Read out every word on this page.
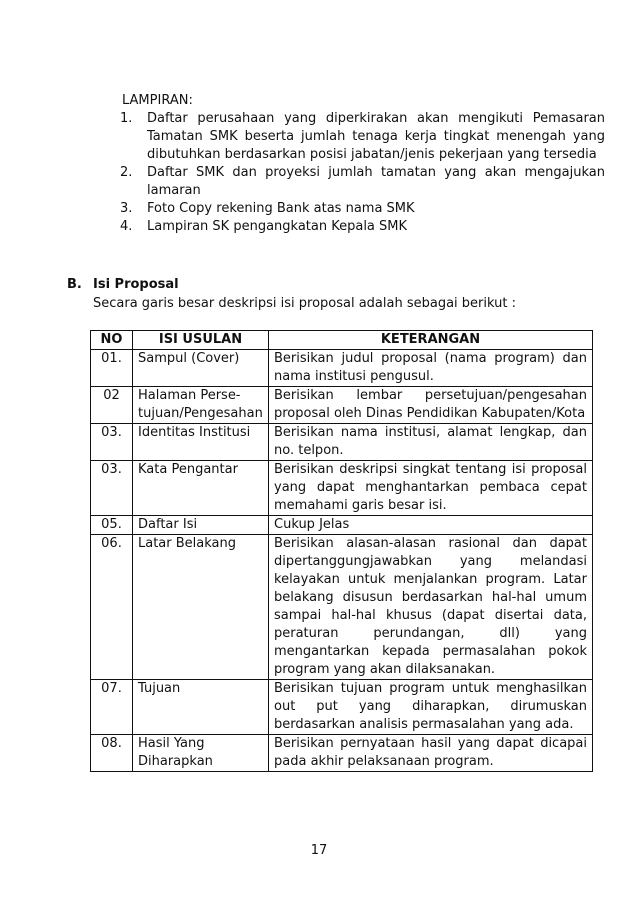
LAMPIRAN:
1.	Daftar perusahaan yang diperkirakan akan mengikuti Pemasaran Tamatan SMK beserta jumlah tenaga kerja tingkat menengah yang dibutuhkan berdasarkan posisi jabatan/jenis pekerjaan yang tersedia
2.	Daftar SMK dan proyeksi jumlah tamatan yang akan mengajukan lamaran
3.	Foto Copy rekening Bank atas nama SMK
4.	Lampiran SK pengangkatan Kepala SMK
B. Isi Proposal
Secara garis besar deskripsi isi proposal adalah sebagai berikut :
NO	ISI USULAN	KETERANGAN
01.	Sampul (Cover)	Berisikan judul proposal (nama program) dan nama institusi pengusul.
02	Halaman Perse-tujuan/Pengesahan	Berisikan lembar persetujuan/pengesahan proposal oleh Dinas Pendidikan Kabupaten/Kota
03.	Identitas Institusi	Berisikan nama institusi, alamat lengkap, dan no. telpon.
03.	Kata Pengantar	Berisikan deskripsi singkat tentang isi proposal yang dapat menghantarkan pembaca cepat memahami garis besar isi.
05.	Daftar Isi	Cukup Jelas
06.	Latar Belakang	Berisikan alasan-alasan rasional dan dapat dipertanggungjawabkan yang melandasi kelayakan untuk menjalankan program. Latar belakang disusun berdasarkan hal-hal umum sampai hal-hal khusus (dapat disertai data, peraturan perundangan, dll) yang mengantarkan kepada permasalahan pokok program yang akan dilaksanakan.
07.	Tujuan	Berisikan tujuan program untuk menghasilkan out put yang diharapkan, dirumuskan berdasarkan analisis permasalahan yang ada.
08.	Hasil Yang Diharapkan	Berisikan pernyataan hasil yang dapat dicapai pada akhir pelaksanaan program.
17
